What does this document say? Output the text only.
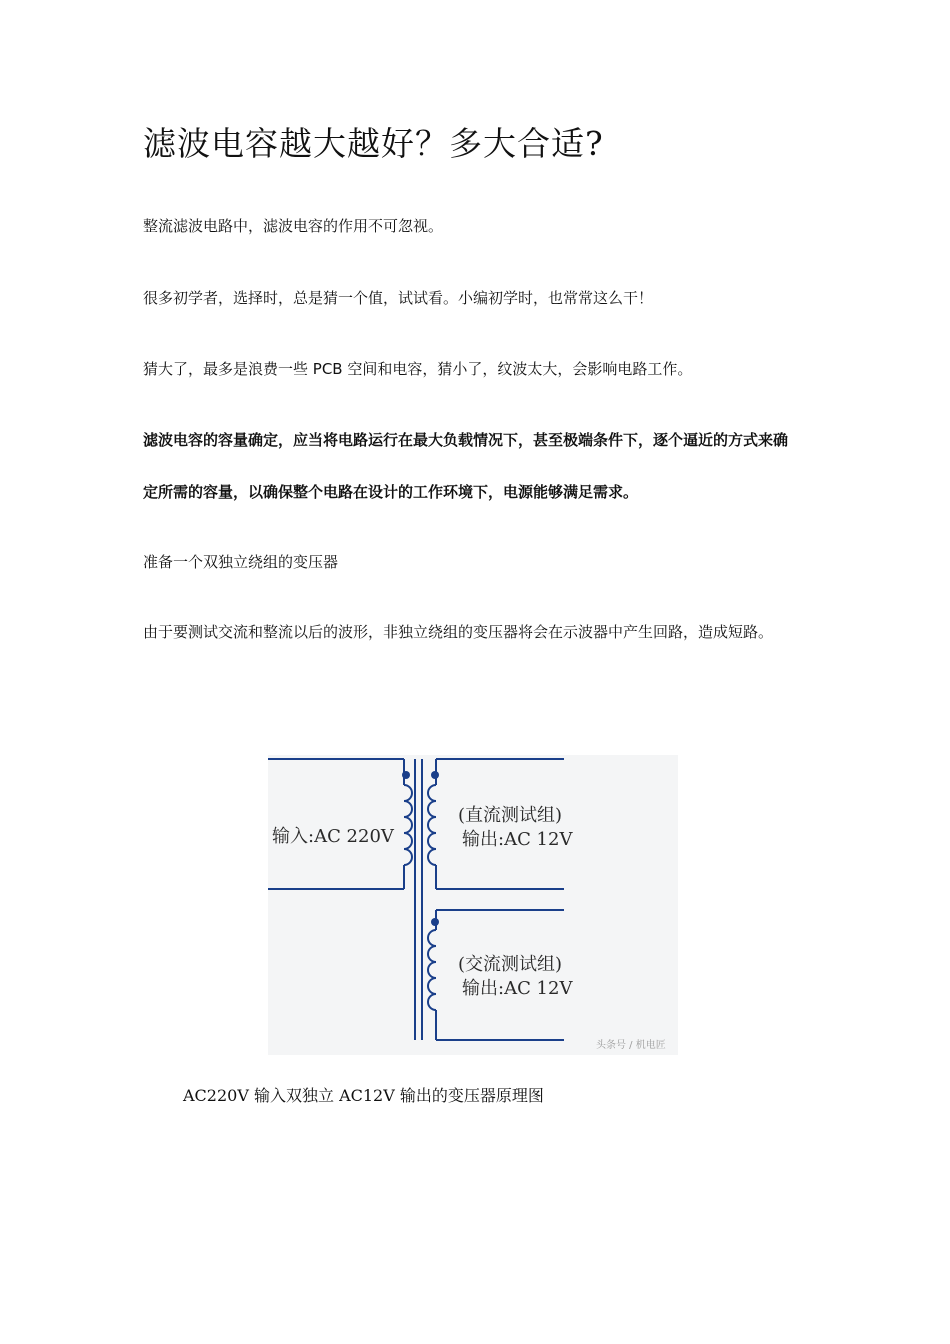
滤波电容越大越好？多大合适?

整流滤波电路中，滤波电容的作用不可忽视。

很多初学者，选择时，总是猜一个值，试试看。小编初学时，也常常这么干！

猜大了，最多是浪费一些 PCB 空间和电容，猜小了，纹波太大，会影响电路工作。

滤波电容的容量确定，应当将电路运行在最大负载情况下，甚至极端条件下，逐个逼近的方式来确定所需的容量，以确保整个电路在设计的工作环境下，电源能够满足需求。

准备一个双独立绕组的变压器

由于要测试交流和整流以后的波形，非独立绕组的变压器将会在示波器中产生回路，造成短路。

输入:AC 220V
(直流测试组)
输出:AC 12V
(交流测试组)
输出:AC 12V
头条号 / 机电匠

AC220V 输入双独立 AC12V 输出的变压器原理图
